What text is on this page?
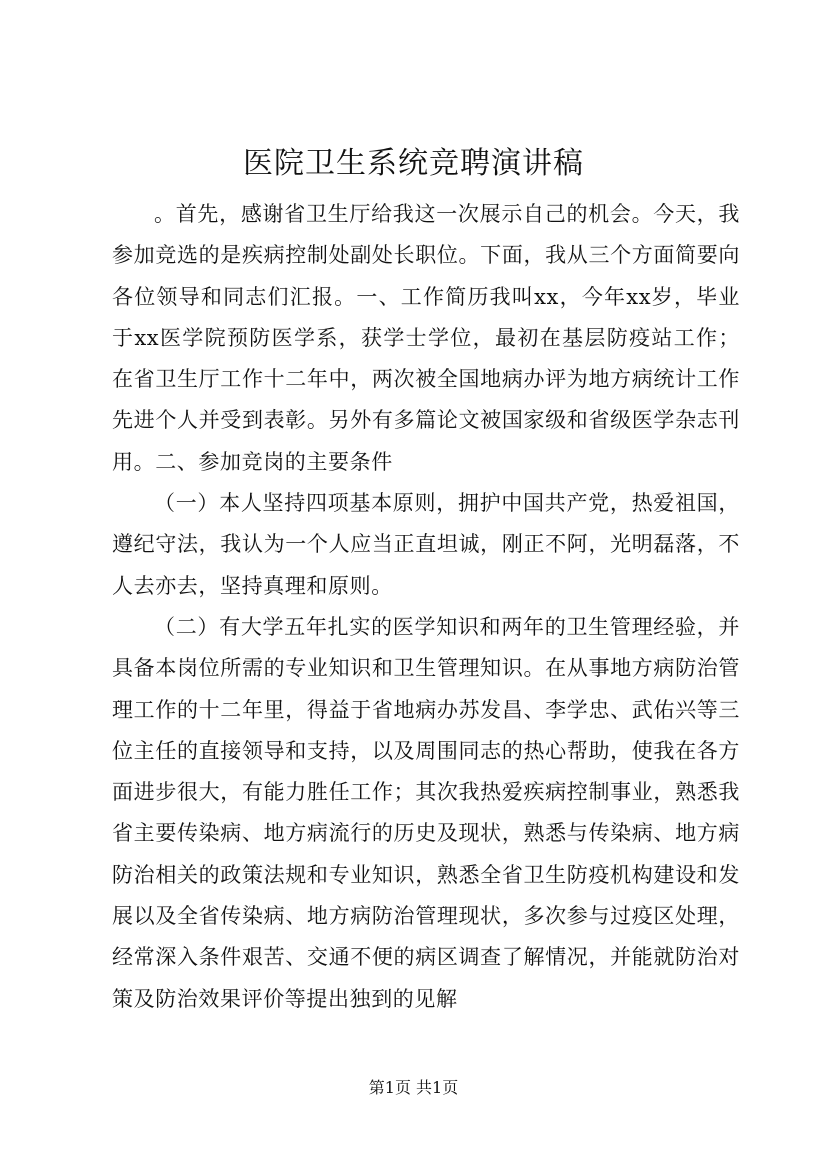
医院卫生系统竞聘演讲稿

。首先，感谢省卫生厅给我这一次展示自己的机会。今天，我参加竞选的是疾病控制处副处长职位。下面，我从三个方面简要向各位领导和同志们汇报。一、工作简历我叫xx，今年xx岁，毕业于xx医学院预防医学系，获学士学位，最初在基层防疫站工作；在省卫生厅工作十二年中，两次被全国地病办评为地方病统计工作先进个人并受到表彰。另外有多篇论文被国家级和省级医学杂志刊用。二、参加竞岗的主要条件

（一）本人坚持四项基本原则，拥护中国共产党，热爱祖国，遵纪守法，我认为一个人应当正直坦诚，刚正不阿，光明磊落，不人去亦去，坚持真理和原则。

（二）有大学五年扎实的医学知识和两年的卫生管理经验，并具备本岗位所需的专业知识和卫生管理知识。在从事地方病防治管理工作的十二年里，得益于省地病办苏发昌、李学忠、武佑兴等三位主任的直接领导和支持，以及周围同志的热心帮助，使我在各方面进步很大，有能力胜任工作；其次我热爱疾病控制事业，熟悉我省主要传染病、地方病流行的历史及现状，熟悉与传染病、地方病防治相关的政策法规和专业知识，熟悉全省卫生防疫机构建设和发展以及全省传染病、地方病防治管理现状，多次参与过疫区处理，经常深入条件艰苦、交通不便的病区调查了解情况，并能就防治对策及防治效果评价等提出独到的见解

第1页 共1页
